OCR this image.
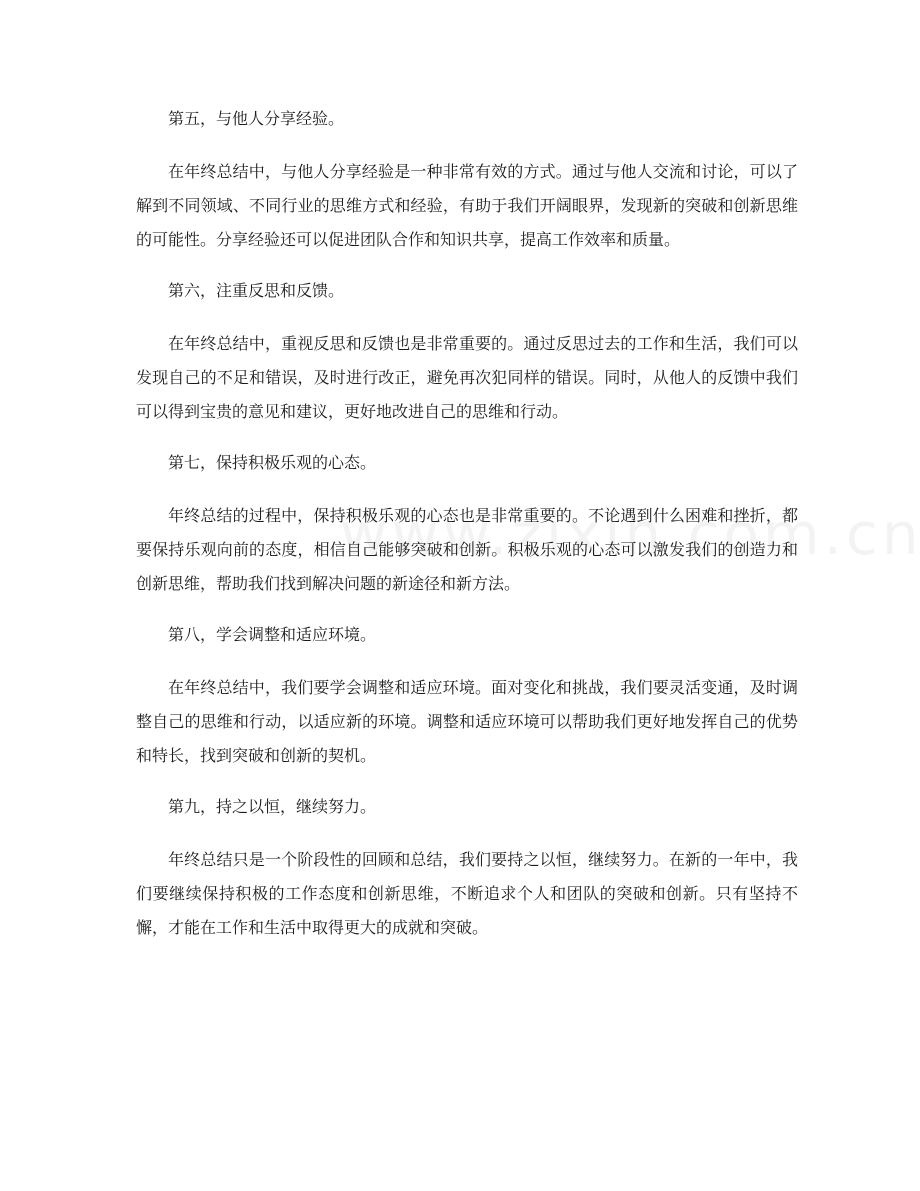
第五，与他人分享经验。

在年终总结中，与他人分享经验是一种非常有效的方式。通过与他人交流和讨论，可以了解到不同领域、不同行业的思维方式和经验，有助于我们开阔眼界，发现新的突破和创新思维的可能性。分享经验还可以促进团队合作和知识共享，提高工作效率和质量。

第六，注重反思和反馈。

在年终总结中，重视反思和反馈也是非常重要的。通过反思过去的工作和生活，我们可以发现自己的不足和错误，及时进行改正，避免再次犯同样的错误。同时，从他人的反馈中我们可以得到宝贵的意见和建议，更好地改进自己的思维和行动。

第七，保持积极乐观的心态。

年终总结的过程中，保持积极乐观的心态也是非常重要的。不论遇到什么困难和挫折，都要保持乐观向前的态度，相信自己能够突破和创新。积极乐观的心态可以激发我们的创造力和创新思维，帮助我们找到解决问题的新途径和新方法。

第八，学会调整和适应环境。

在年终总结中，我们要学会调整和适应环境。面对变化和挑战，我们要灵活变通，及时调整自己的思维和行动，以适应新的环境。调整和适应环境可以帮助我们更好地发挥自己的优势和特长，找到突破和创新的契机。

第九，持之以恒，继续努力。

年终总结只是一个阶段性的回顾和总结，我们要持之以恒，继续努力。在新的一年中，我们要继续保持积极的工作态度和创新思维，不断追求个人和团队的突破和创新。只有坚持不懈，才能在工作和生活中取得更大的成就和突破。
